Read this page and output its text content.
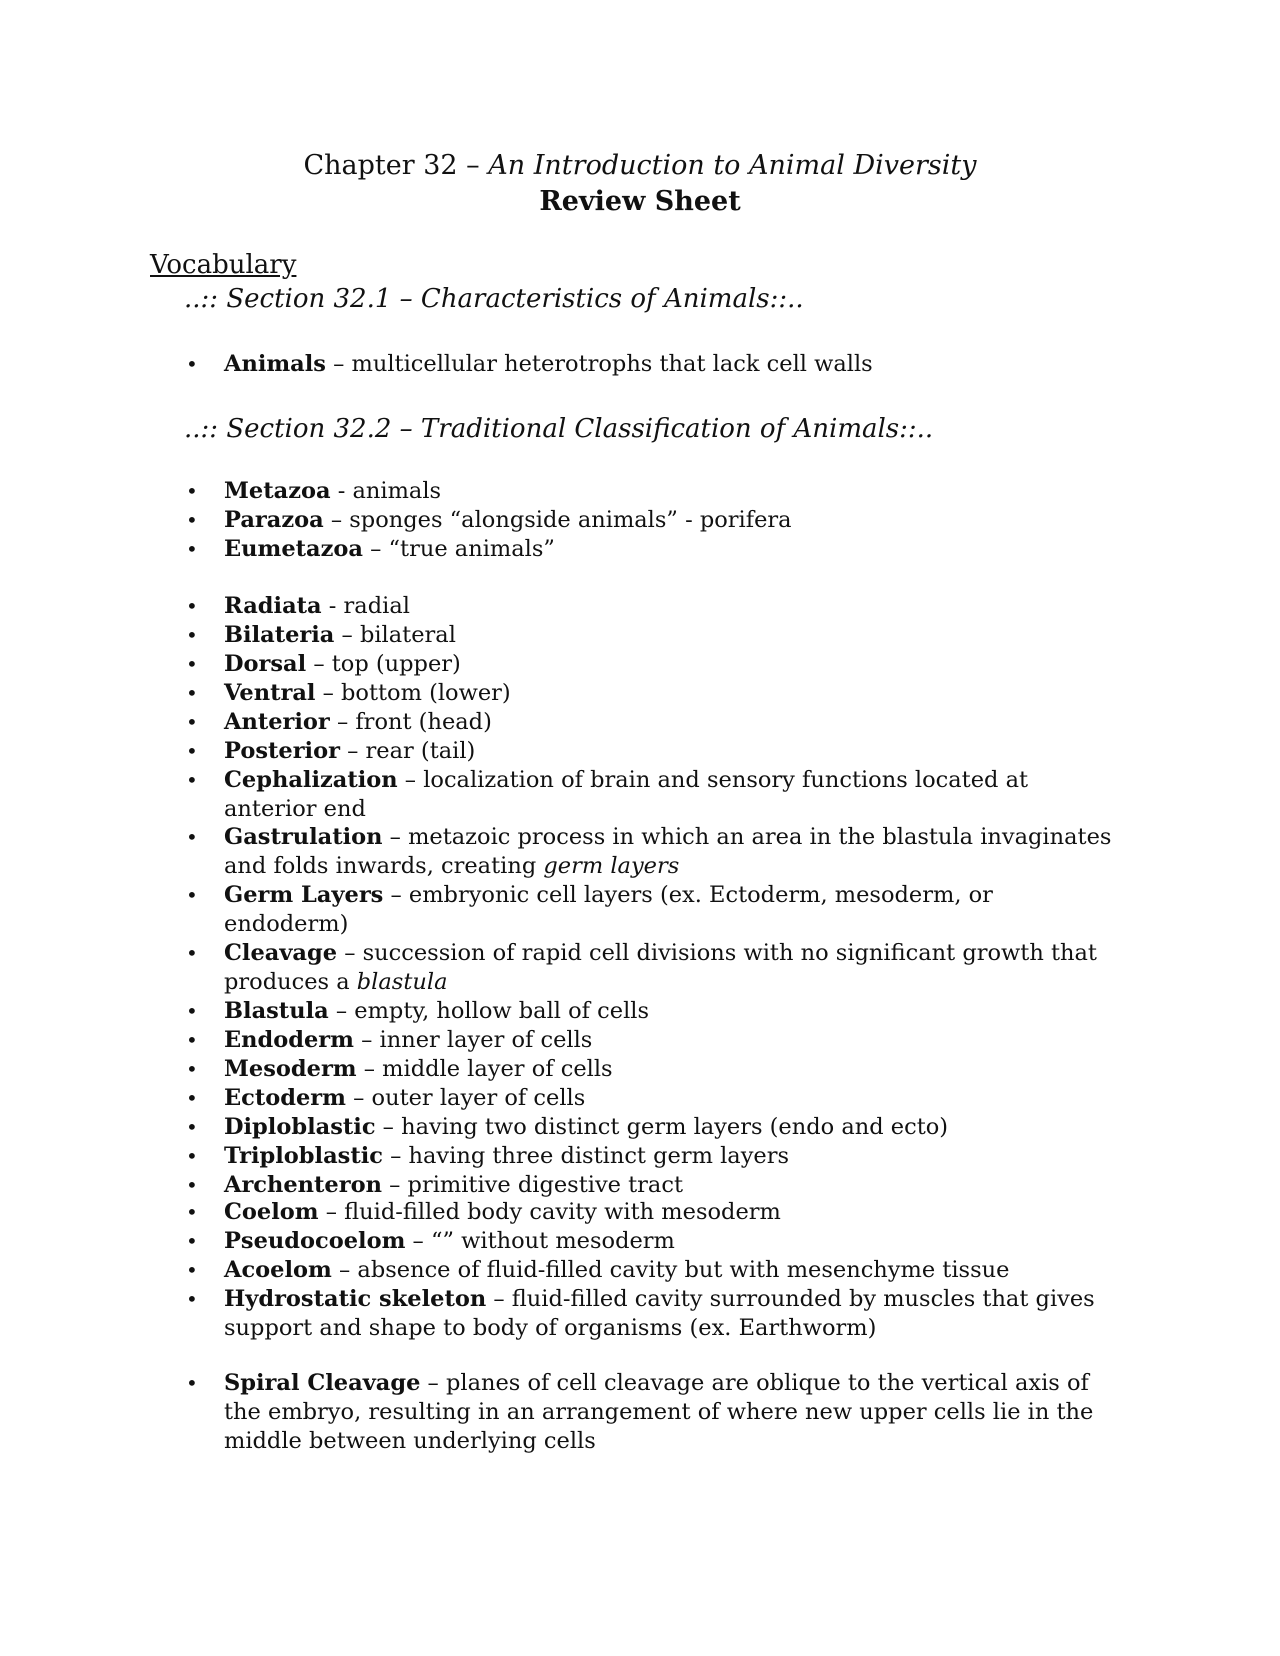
Chapter 32 – An Introduction to Animal Diversity
Review Sheet
Vocabulary
..:: Section 32.1 – Characteristics of Animals::..
• Animals – multicellular heterotrophs that lack cell walls
..:: Section 32.2 – Traditional Classification of Animals::..
• Metazoa - animals
• Parazoa – sponges “alongside animals” - porifera
• Eumetazoa – “true animals”
• Radiata - radial
• Bilateria – bilateral
• Dorsal – top (upper)
• Ventral – bottom (lower)
• Anterior – front (head)
• Posterior – rear (tail)
• Cephalization – localization of brain and sensory functions located at anterior end
• Gastrulation – metazoic process in which an area in the blastula invaginates and folds inwards, creating germ layers
• Germ Layers – embryonic cell layers (ex. Ectoderm, mesoderm, or endoderm)
• Cleavage – succession of rapid cell divisions with no significant growth that produces a blastula
• Blastula – empty, hollow ball of cells
• Endoderm – inner layer of cells
• Mesoderm – middle layer of cells
• Ectoderm – outer layer of cells
• Diploblastic – having two distinct germ layers (endo and ecto)
• Triploblastic – having three distinct germ layers
• Archenteron – primitive digestive tract
• Coelom – fluid-filled body cavity with mesoderm
• Pseudocoelom – “” without mesoderm
• Acoelom – absence of fluid-filled cavity but with mesenchyme tissue
• Hydrostatic skeleton – fluid-filled cavity surrounded by muscles that gives support and shape to body of organisms (ex. Earthworm)
• Spiral Cleavage – planes of cell cleavage are oblique to the vertical axis of the embryo, resulting in an arrangement of where new upper cells lie in the middle between underlying cells
